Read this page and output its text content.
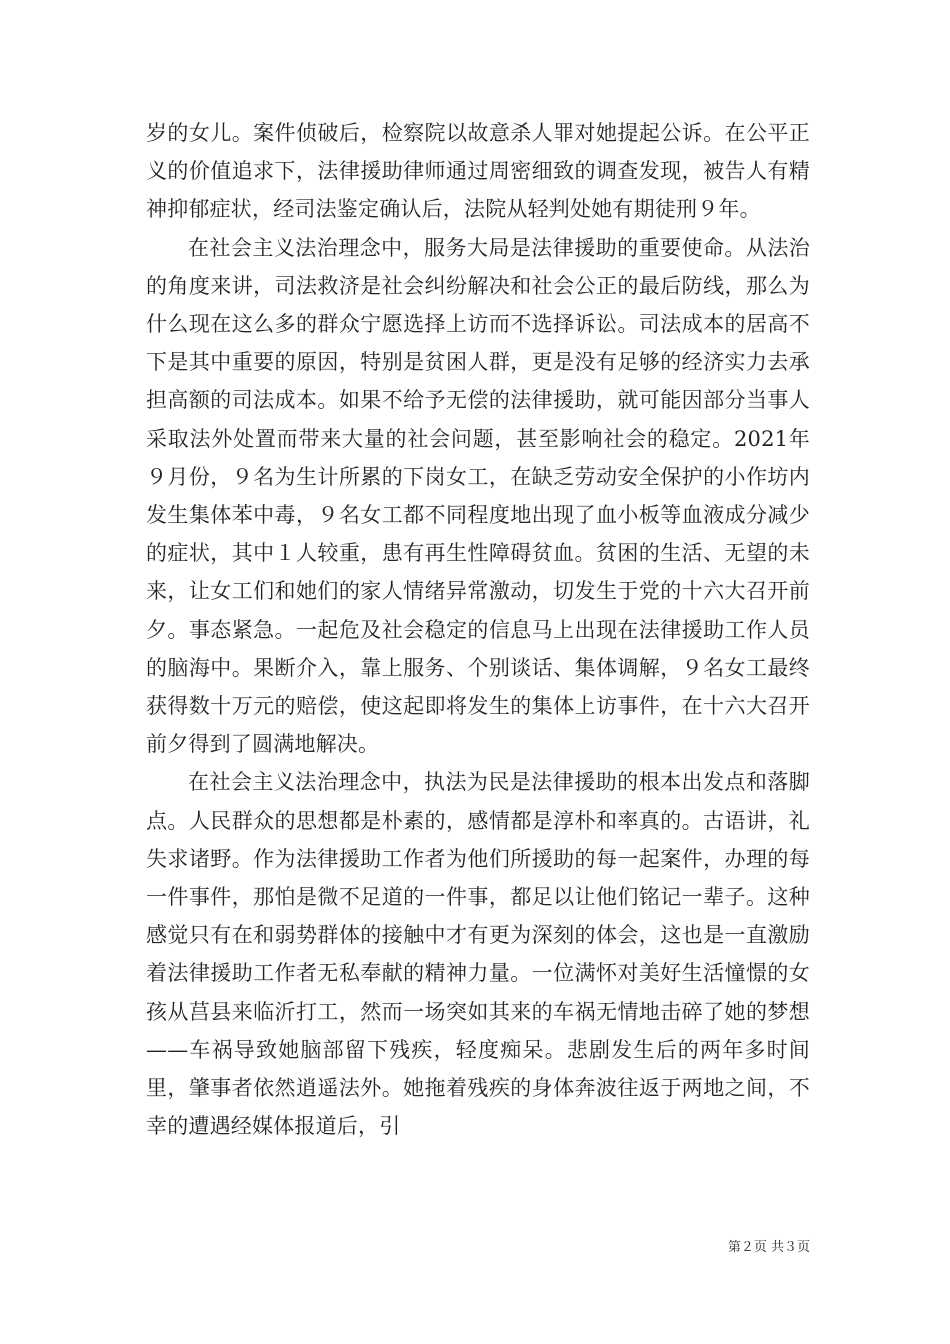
岁的女儿。案件侦破后，检察院以故意杀人罪对她提起公诉。在公平正义的价值追求下，法律援助律师通过周密细致的调查发现，被告人有精神抑郁症状，经司法鉴定确认后，法院从轻判处她有期徒刑９年。

在社会主义法治理念中，服务大局是法律援助的重要使命。从法治的角度来讲，司法救济是社会纠纷解决和社会公正的最后防线，那么为什么现在这么多的群众宁愿选择上访而不选择诉讼。司法成本的居高不下是其中重要的原因，特别是贫困人群，更是没有足够的经济实力去承担高额的司法成本。如果不给予无偿的法律援助，就可能因部分当事人采取法外处置而带来大量的社会问题，甚至影响社会的稳定。2021年９月份，９名为生计所累的下岗女工，在缺乏劳动安全保护的小作坊内发生集体苯中毒，９名女工都不同程度地出现了血小板等血液成分减少的症状，其中１人较重，患有再生性障碍贫血。贫困的生活、无望的未来，让女工们和她们的家人情绪异常激动，切发生于党的十六大召开前夕。事态紧急。一起危及社会稳定的信息马上出现在法律援助工作人员的脑海中。果断介入，靠上服务、个别谈话、集体调解，９名女工最终获得数十万元的赔偿，使这起即将发生的集体上访事件，在十六大召开前夕得到了圆满地解决。

在社会主义法治理念中，执法为民是法律援助的根本出发点和落脚点。人民群众的思想都是朴素的，感情都是淳朴和率真的。古语讲，礼失求诸野。作为法律援助工作者为他们所援助的每一起案件，办理的每一件事件，那怕是微不足道的一件事，都足以让他们铭记一辈子。这种感觉只有在和弱势群体的接触中才有更为深刻的体会，这也是一直激励着法律援助工作者无私奉献的精神力量。一位满怀对美好生活憧憬的女孩从莒县来临沂打工，然而一场突如其来的车祸无情地击碎了她的梦想——车祸导致她脑部留下残疾，轻度痴呆。悲剧发生后的两年多时间里，肇事者依然逍遥法外。她拖着残疾的身体奔波往返于两地之间，不幸的遭遇经媒体报道后，引

第２页 共３页
